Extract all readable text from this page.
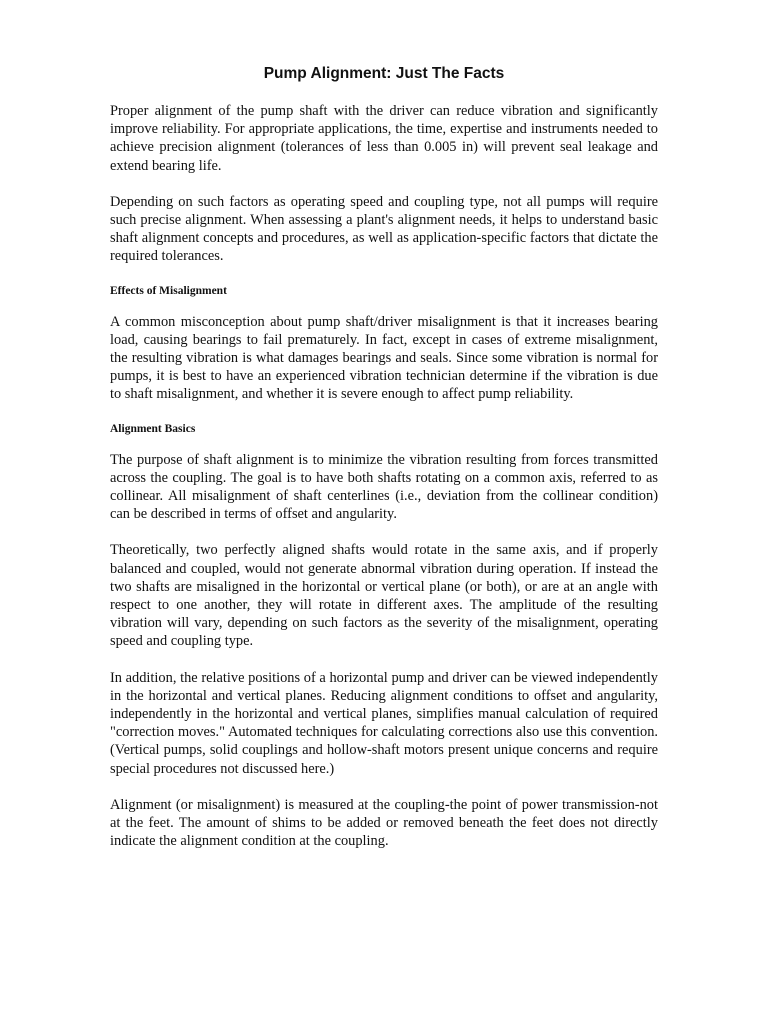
Pump Alignment: Just The Facts

Proper alignment of the pump shaft with the driver can reduce vibration and significantly improve reliability. For appropriate applications, the time, expertise and instruments needed to achieve precision alignment (tolerances of less than 0.005 in) will prevent seal leakage and extend bearing life.

Depending on such factors as operating speed and coupling type, not all pumps will require such precise alignment. When assessing a plant's alignment needs, it helps to understand basic shaft alignment concepts and procedures, as well as application-specific factors that dictate the required tolerances.

Effects of Misalignment

A common misconception about pump shaft/driver misalignment is that it increases bearing load, causing bearings to fail prematurely. In fact, except in cases of extreme misalignment, the resulting vibration is what damages bearings and seals. Since some vibration is normal for pumps, it is best to have an experienced vibration technician determine if the vibration is due to shaft misalignment, and whether it is severe enough to affect pump reliability.

Alignment Basics

The purpose of shaft alignment is to minimize the vibration resulting from forces transmitted across the coupling. The goal is to have both shafts rotating on a common axis, referred to as collinear. All misalignment of shaft centerlines (i.e., deviation from the collinear condition) can be described in terms of offset and angularity.

Theoretically, two perfectly aligned shafts would rotate in the same axis, and if properly balanced and coupled, would not generate abnormal vibration during operation. If instead the two shafts are misaligned in the horizontal or vertical plane (or both), or are at an angle with respect to one another, they will rotate in different axes. The amplitude of the resulting vibration will vary, depending on such factors as the severity of the misalignment, operating speed and coupling type.

In addition, the relative positions of a horizontal pump and driver can be viewed independently in the horizontal and vertical planes. Reducing alignment conditions to offset and angularity, independently in the horizontal and vertical planes, simplifies manual calculation of required "correction moves." Automated techniques for calculating corrections also use this convention. (Vertical pumps, solid couplings and hollow-shaft motors present unique concerns and require special procedures not discussed here.)

Alignment (or misalignment) is measured at the coupling-the point of power transmission-not at the feet. The amount of shims to be added or removed beneath the feet does not directly indicate the alignment condition at the coupling.
